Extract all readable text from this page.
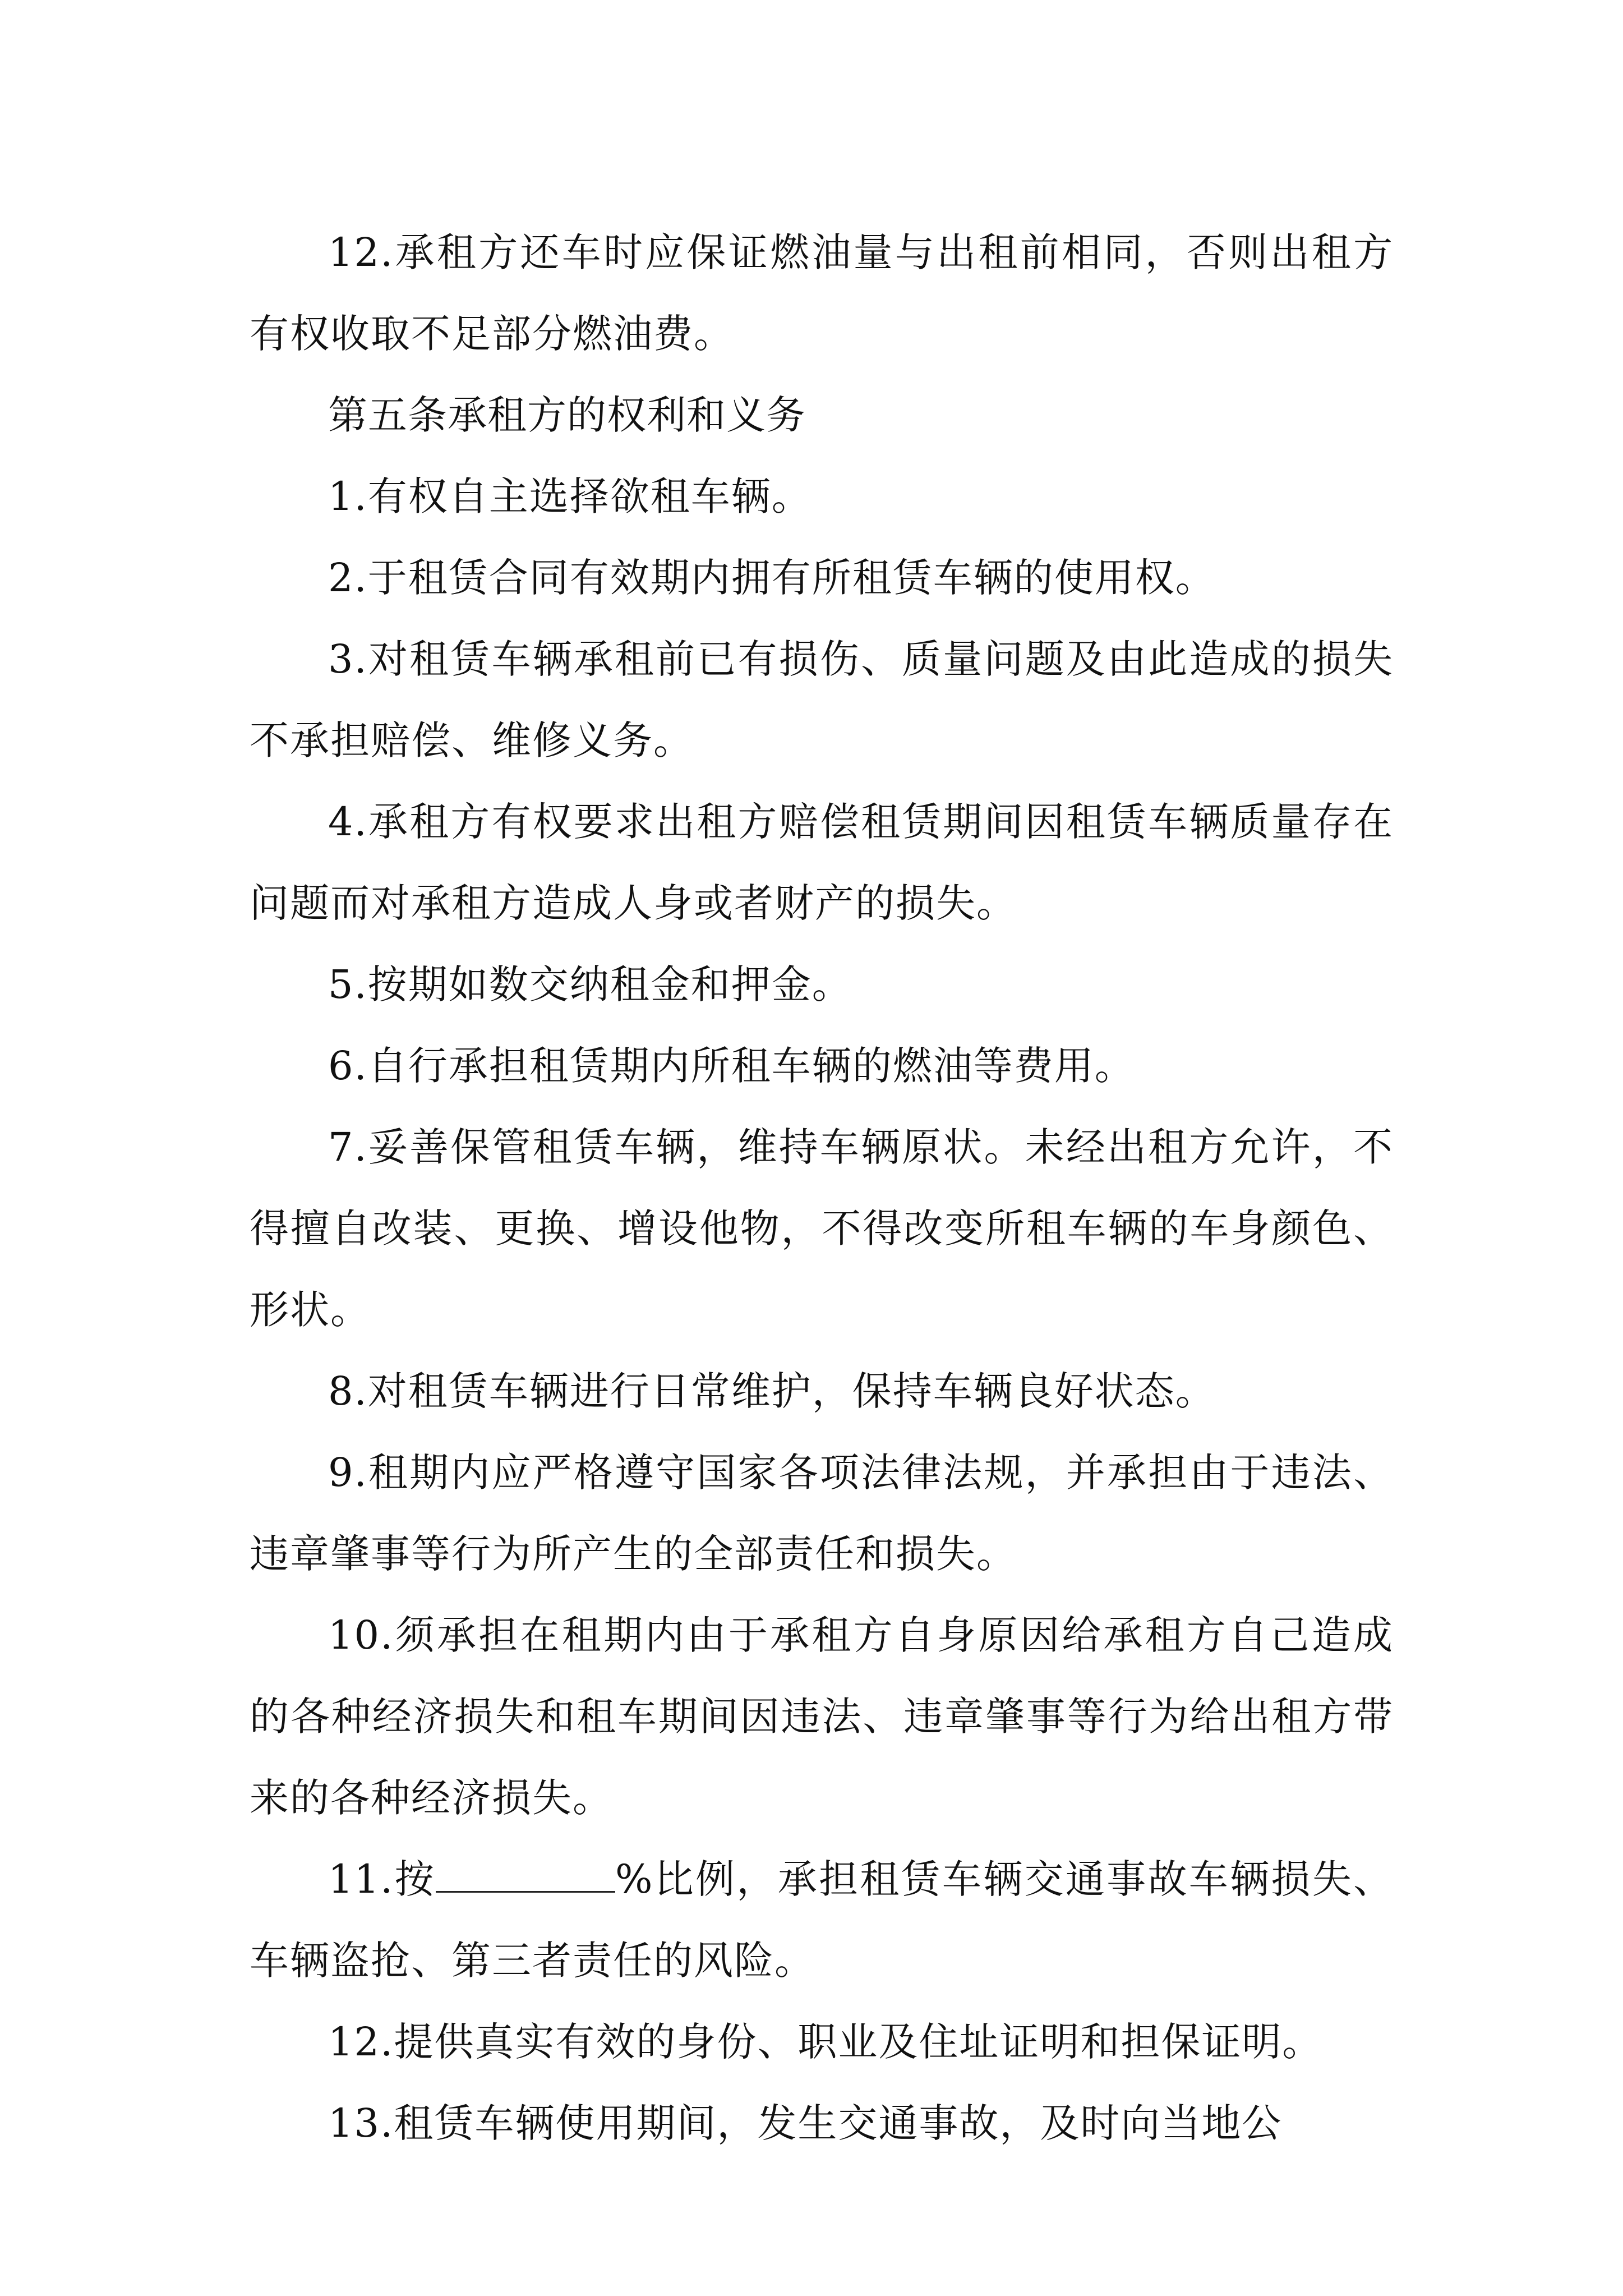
12.承租方还车时应保证燃油量与出租前相同，否则出租方有权收取不足部分燃油费。

第五条承租方的权利和义务

1.有权自主选择欲租车辆。

2.于租赁合同有效期内拥有所租赁车辆的使用权。

3.对租赁车辆承租前已有损伤、质量问题及由此造成的损失不承担赔偿、维修义务。

4.承租方有权要求出租方赔偿租赁期间因租赁车辆质量存在问题而对承租方造成人身或者财产的损失。

5.按期如数交纳租金和押金。

6.自行承担租赁期内所租车辆的燃油等费用。

7.妥善保管租赁车辆，维持车辆原状。未经出租方允许，不得擅自改装、更换、增设他物，不得改变所租车辆的车身颜色、形状。

8.对租赁车辆进行日常维护，保持车辆良好状态。

9.租期内应严格遵守国家各项法律法规，并承担由于违法、违章肇事等行为所产生的全部责任和损失。

10.须承担在租期内由于承租方自身原因给承租方自己造成的各种经济损失和租车期间因违法、违章肇事等行为给出租方带来的各种经济损失。

11.按	%比例，承担租赁车辆交通事故车辆损失、车辆盗抢、第三者责任的风险。

12.提供真实有效的身份、职业及住址证明和担保证明。

13.租赁车辆使用期间，发生交通事故，及时向当地公
